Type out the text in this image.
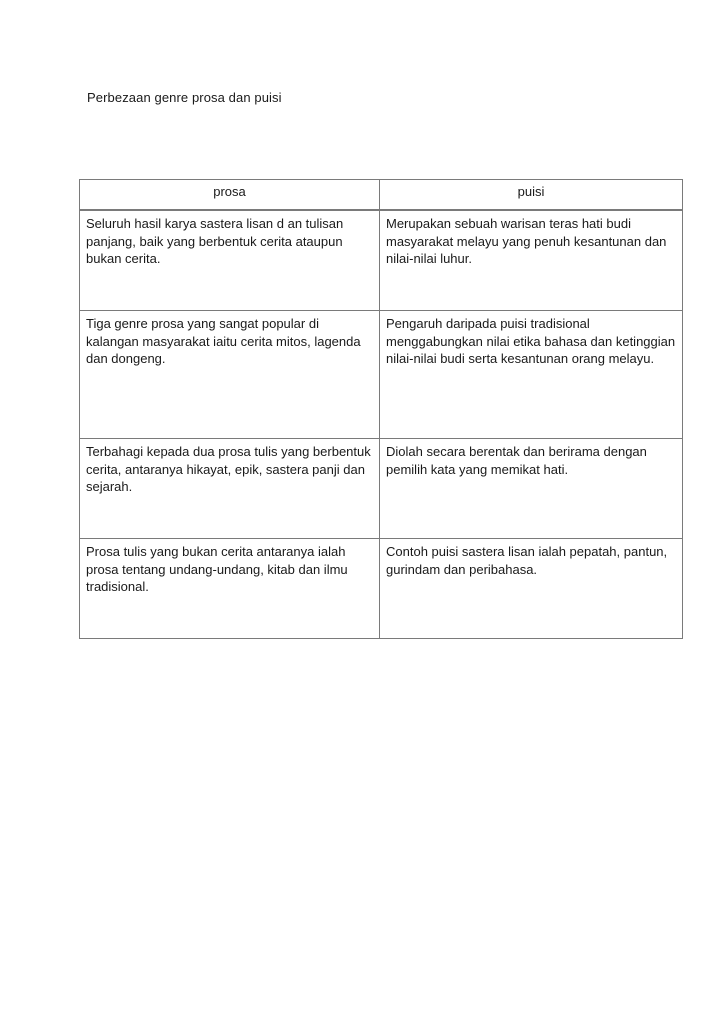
Perbezaan genre prosa dan puisi
prosa	puisi
Seluruh hasil karya sastera lisan d an tulisan panjang, baik yang berbentuk cerita ataupun bukan cerita.	Merupakan sebuah warisan teras hati budi masyarakat melayu yang penuh kesantunan dan nilai-nilai luhur.
Tiga genre prosa yang sangat popular di kalangan masyarakat iaitu cerita mitos, lagenda dan dongeng.	Pengaruh daripada puisi tradisional menggabungkan nilai etika bahasa dan ketinggian nilai-nilai budi serta kesantunan orang melayu.
Terbahagi kepada dua prosa tulis yang berbentuk cerita, antaranya hikayat, epik, sastera panji dan sejarah.	Diolah secara berentak dan berirama dengan pemilih kata yang memikat hati.
Prosa tulis yang bukan cerita antaranya ialah prosa tentang undang-undang, kitab dan ilmu tradisional.	Contoh puisi sastera lisan ialah pepatah, pantun, gurindam dan peribahasa.
